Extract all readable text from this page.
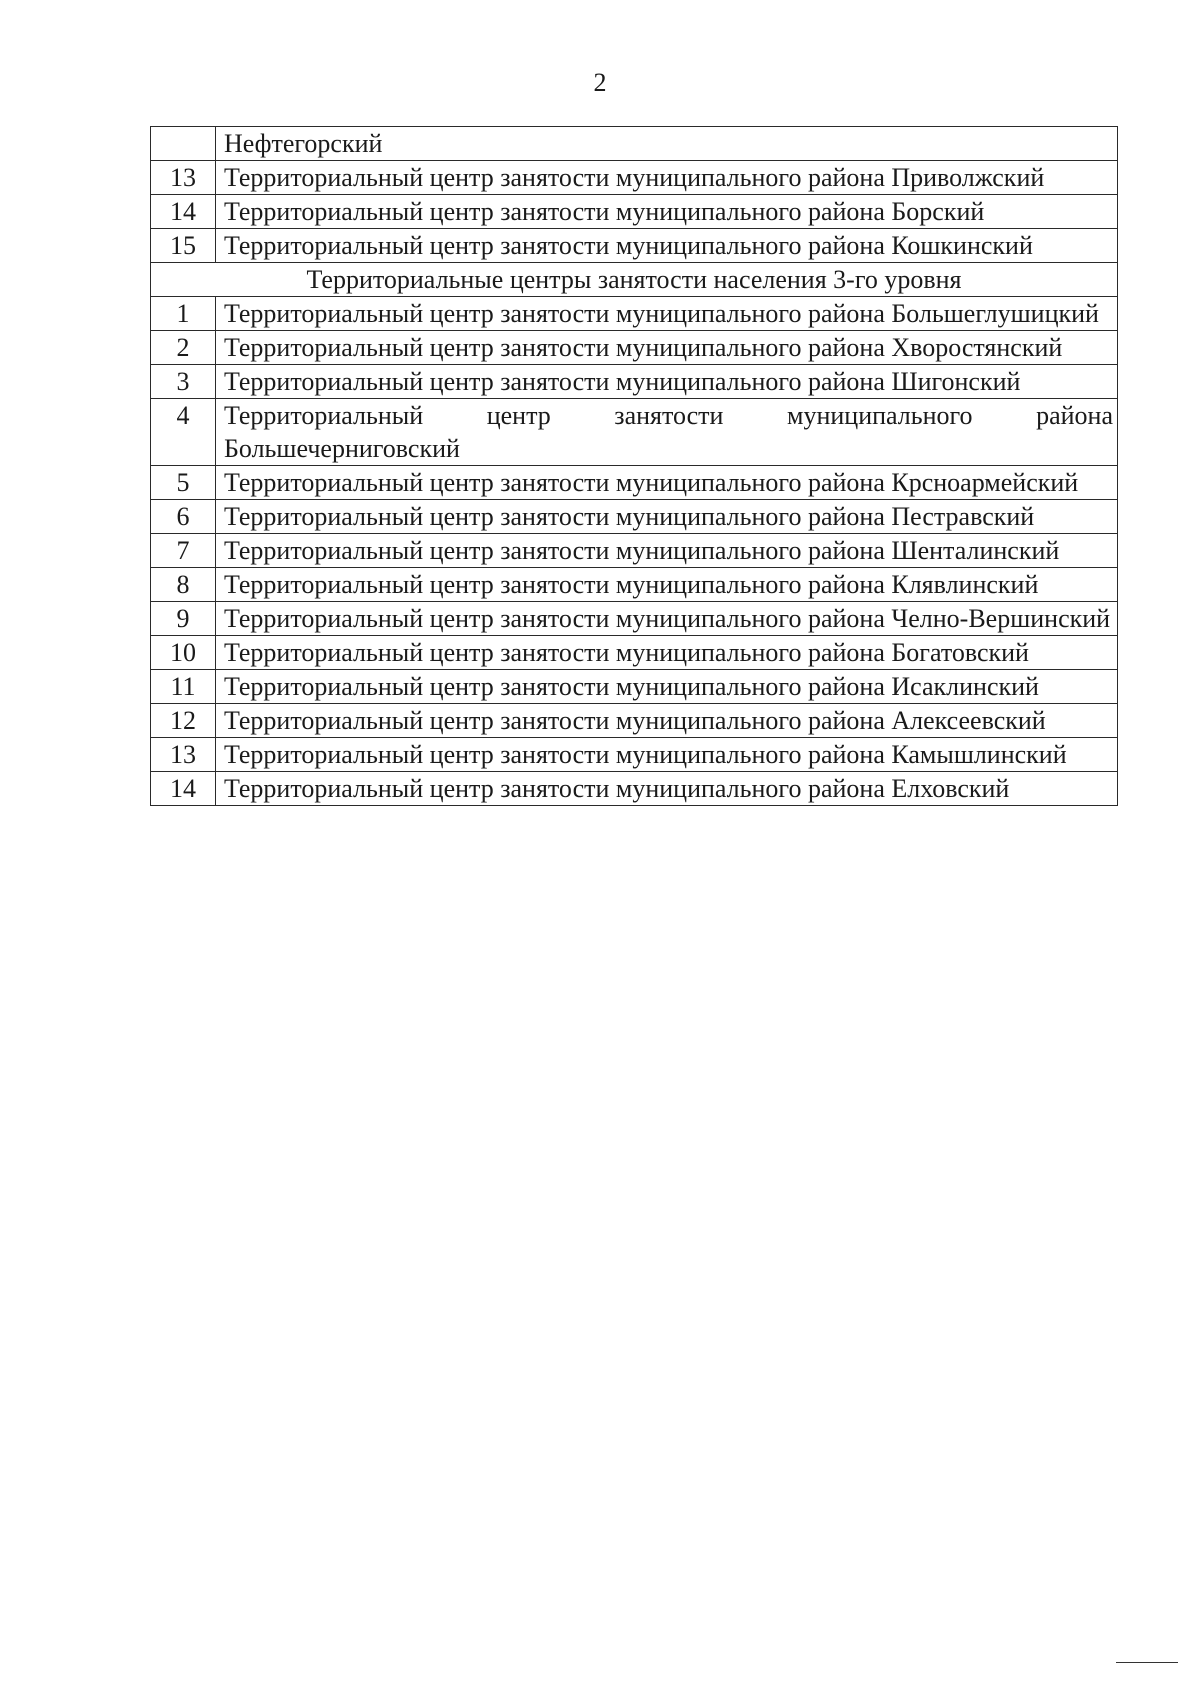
2
	Нефтегорский
13	Территориальный центр занятости муниципального района Приволжский
14	Территориальный центр занятости муниципального района Борский
15	Территориальный центр занятости муниципального района Кошкинский
Территориальные центры занятости населения 3-го уровня	
1	Территориальный центр занятости муниципального района Большеглушицкий
2	Территориальный центр занятости муниципального района Хворостянский
3	Территориальный центр занятости муниципального района Шигонский
4	Территориальный центр занятости муниципального района Большечерниговский
5	Территориальный центр занятости муниципального района Крсноармейский
6	Территориальный центр занятости муниципального района Пестравский
7	Территориальный центр занятости муниципального района Шенталинский
8	Территориальный центр занятости муниципального района Клявлинский
9	Территориальный центр занятости муниципального района Челно-Вершинский
10	Территориальный центр занятости муниципального района Богатовский
11	Территориальный центр занятости муниципального района Исаклинский
12	Территориальный центр занятости муниципального района Алексеевский
13	Территориальный центр занятости муниципального района Камышлинский
14	Территориальный центр занятости муниципального района Елховский
